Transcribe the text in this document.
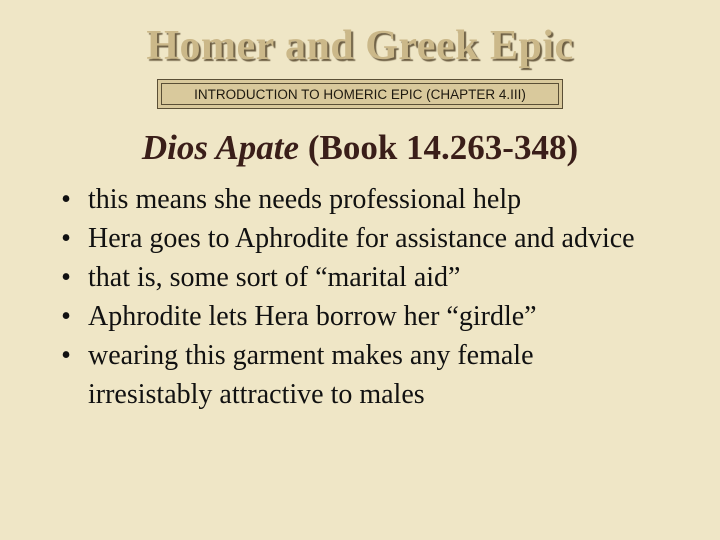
Homer and Greek Epic
INTRODUCTION TO HOMERIC EPIC (CHAPTER 4.III)
Dios Apate (Book 14.263-348)
• this means she needs professional help
• Hera goes to Aphrodite for assistance and advice
• that is, some sort of “marital aid”
• Aphrodite lets Hera borrow her “girdle”
• wearing this garment makes any female irresistably attractive to males
